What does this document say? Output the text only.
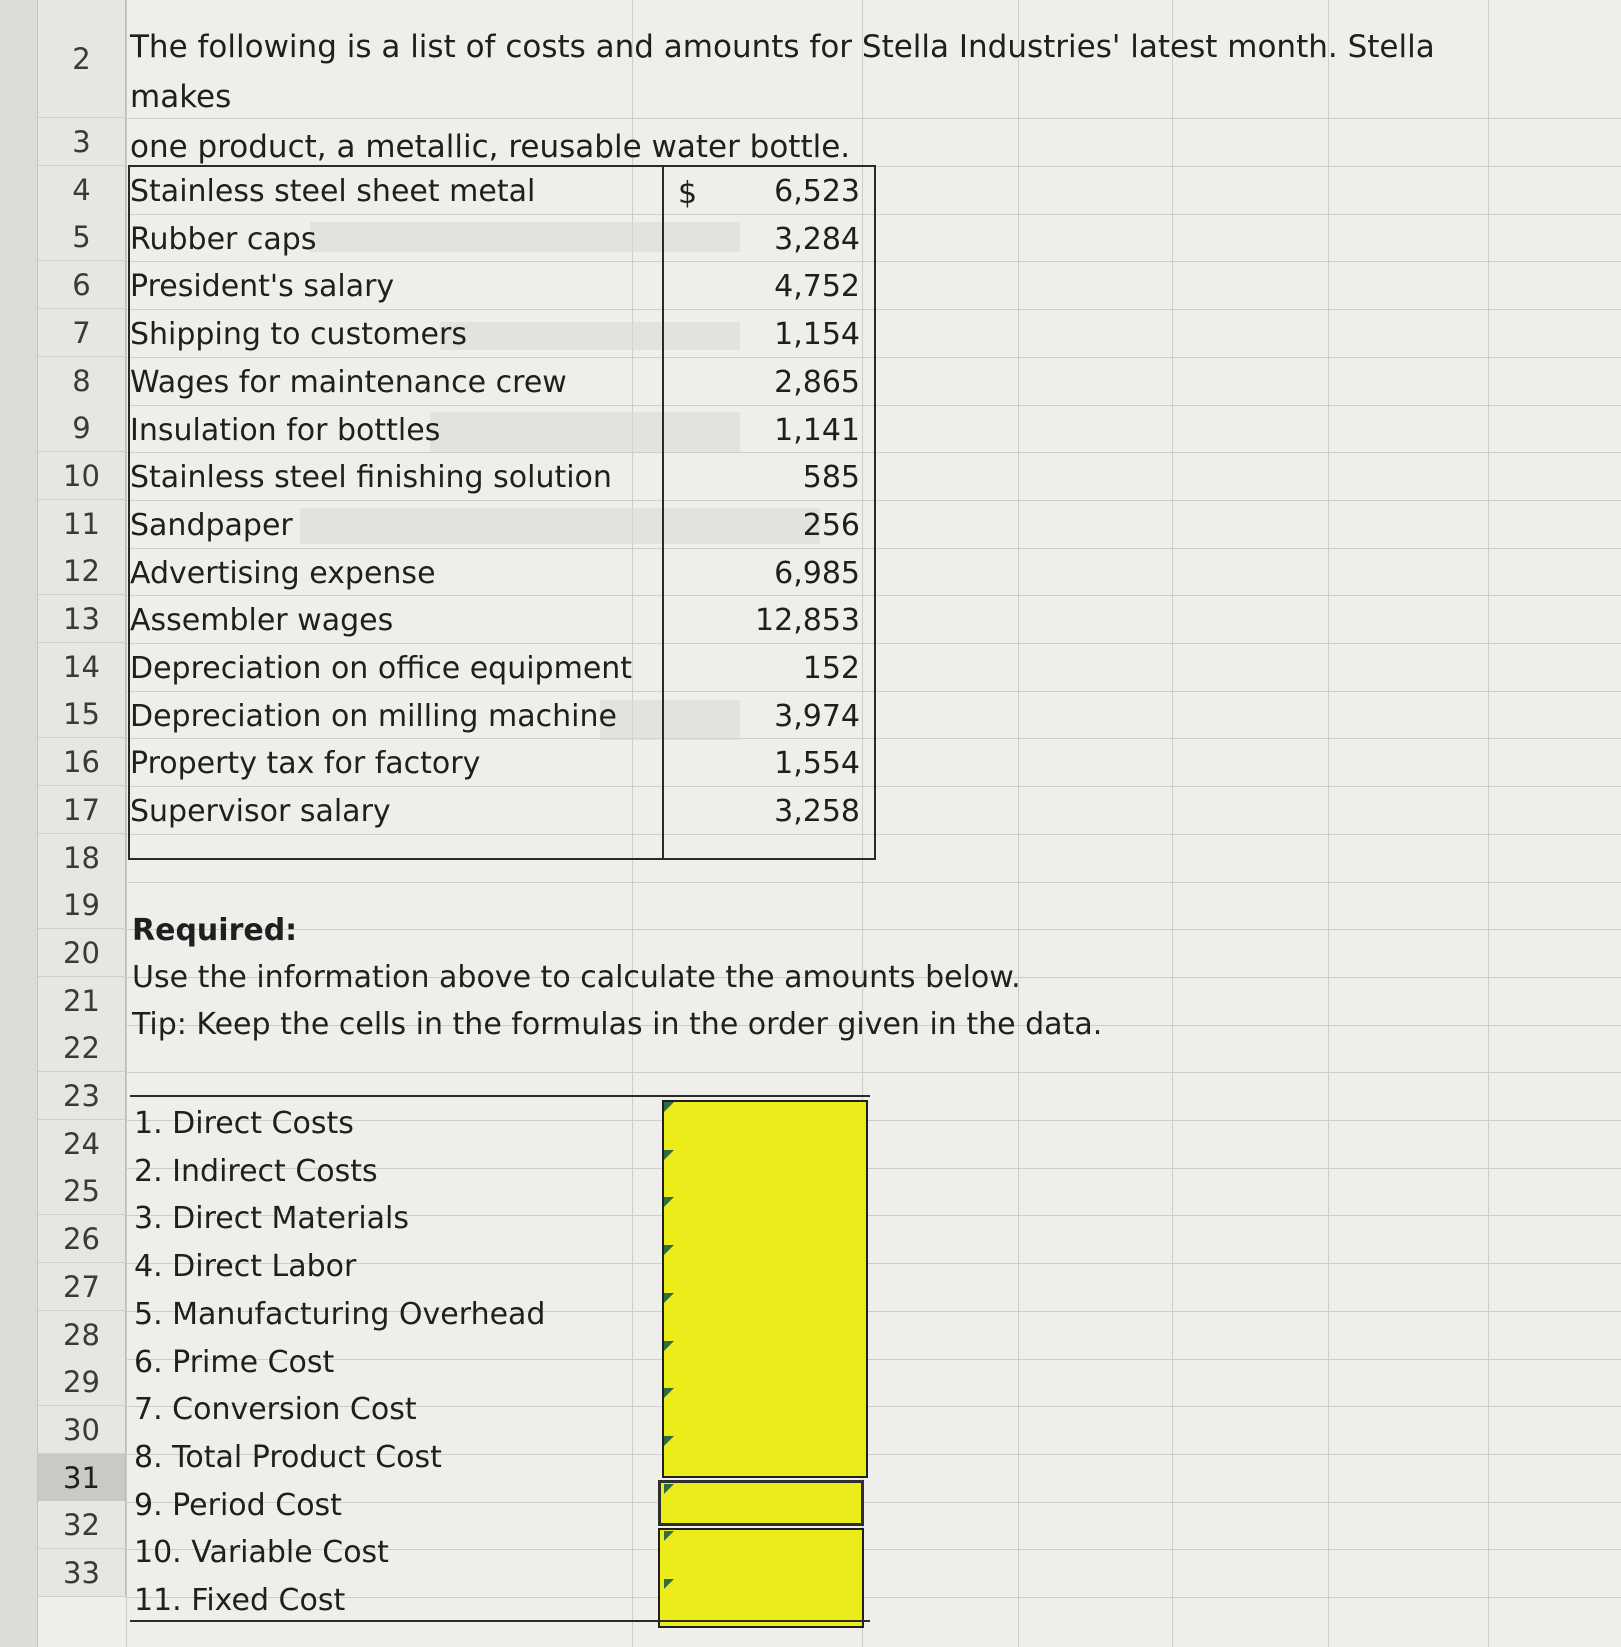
2 The following is a list of costs and amounts for Stella Industries' latest month. Stella makes
one product, a metallic, reusable water bottle.
3
4
5
6
7
8
9
10
11
12
13
14
15
16
17
18
19
20
21
22
23
24
25
26
27
28
29
30
31
32
33
$
Stainless steel sheet metal	6,523
Rubber caps	3,284
President's salary	4,752
Shipping to customers	1,154
Wages for maintenance crew	2,865
Insulation for bottles	1,141
Stainless steel finishing solution	585
Sandpaper	256
Advertising expense	6,985
Assembler wages	12,853
Depreciation on office equipment	152
Depreciation on milling machine	3,974
Property tax for factory	1,554
Supervisor salary	3,258
Required:
Use the information above to calculate the amounts below.
Tip: Keep the cells in the formulas in the order given in the data.
1. Direct Costs
2. Indirect Costs
3. Direct Materials
4. Direct Labor
5. Manufacturing Overhead
6. Prime Cost
7. Conversion Cost
8. Total Product Cost
9. Period Cost
10. Variable Cost
11. Fixed Cost
